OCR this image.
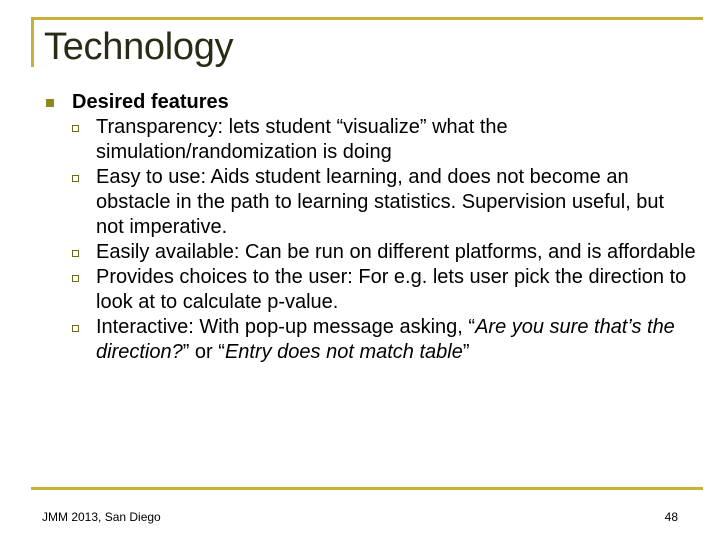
Technology
Desired features
Transparency: lets student “visualize” what the simulation/randomization is doing
Easy to use: Aids student learning, and does not become an obstacle in the path to learning statistics. Supervision useful, but not imperative.
Easily available: Can be run on different platforms, and is affordable
Provides choices to the user: For e.g. lets user pick the direction to look at to calculate p-value.
Interactive: With pop-up message asking, “Are you sure that’s the direction?” or “Entry does not match table”
JMM 2013, San Diego	48
